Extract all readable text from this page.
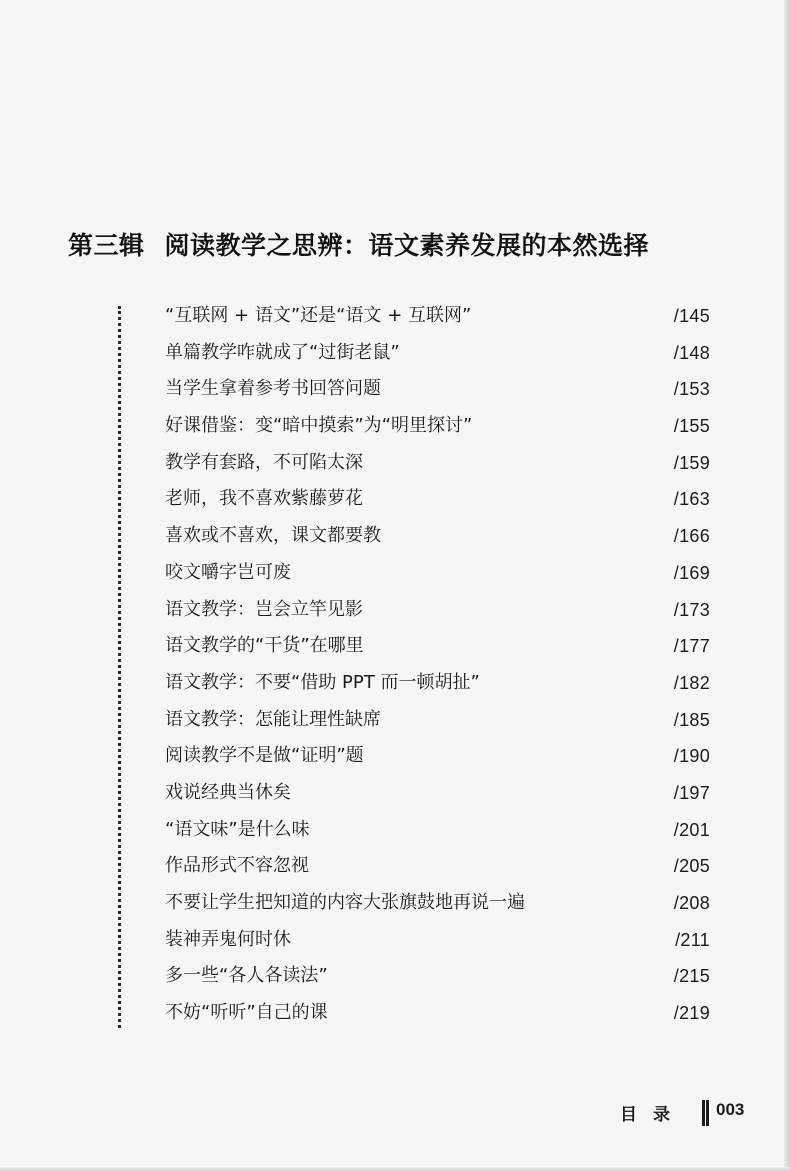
第三辑 阅读教学之思辨：语文素养发展的本然选择
“互联网 + 语文”还是“语文 + 互联网”	/145
单篇教学咋就成了“过街老鼠”	/148
当学生拿着参考书回答问题	/153
好课借鉴：变“暗中摸索”为“明里探讨”	/155
教学有套路，不可陷太深	/159
老师，我不喜欢紫藤萝花	/163
喜欢或不喜欢，课文都要教	/166
咬文嚼字岂可废	/169
语文教学：岂会立竿见影	/173
语文教学的“干货”在哪里	/177
语文教学：不要“借助 PPT 而一顿胡扯”	/182
语文教学：怎能让理性缺席	/185
阅读教学不是做“证明”题	/190
戏说经典当休矣	/197
“语文味”是什么味	/201
作品形式不容忽视	/205
不要让学生把知道的内容大张旗鼓地再说一遍	/208
装神弄鬼何时休	/211
多一些“各人各读法”	/215
不妨“听听”自己的课	/219
目录 003
